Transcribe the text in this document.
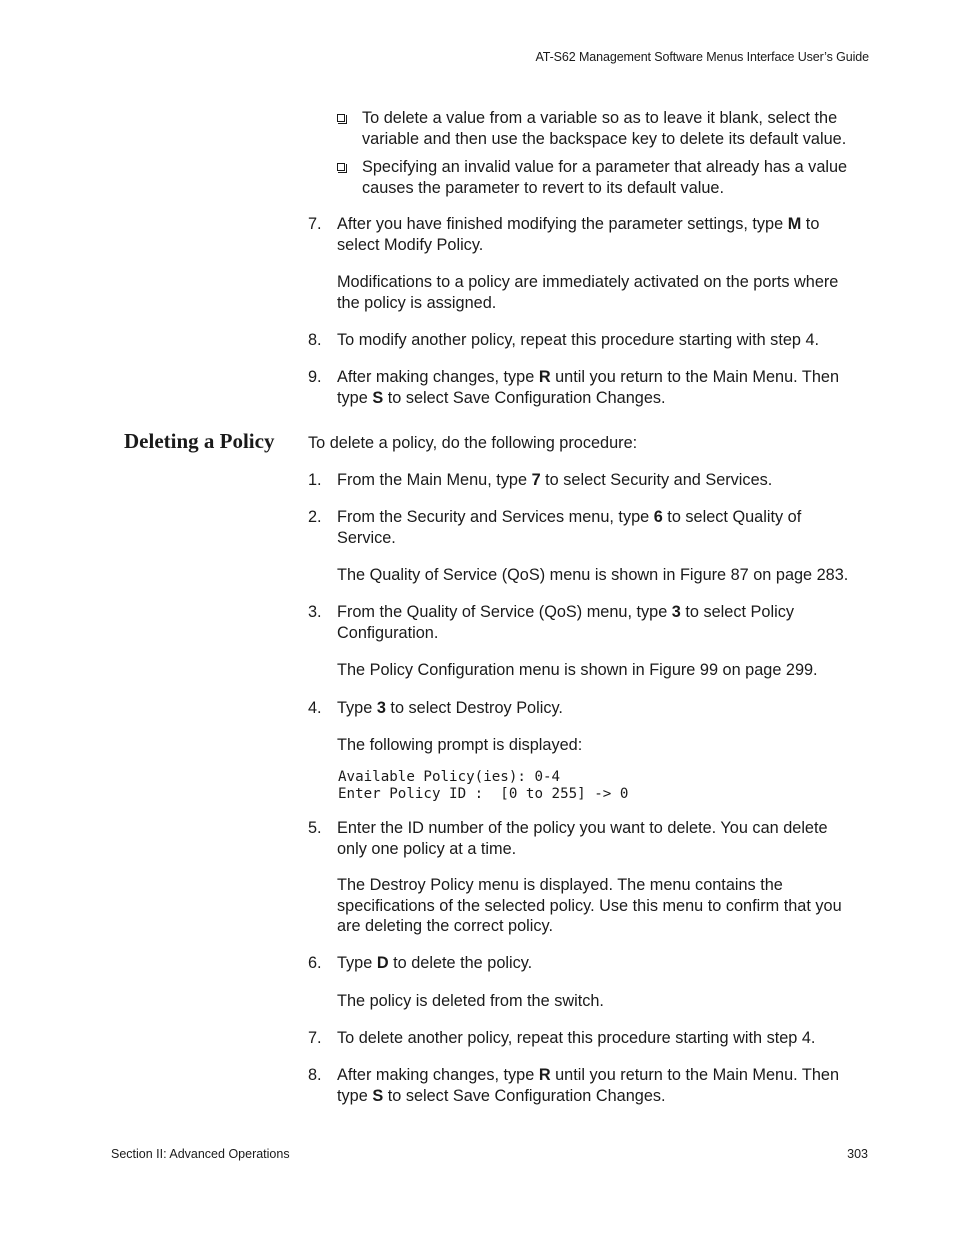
AT-S62 Management Software Menus Interface User’s Guide
To delete a value from a variable so as to leave it blank, select the
variable and then use the backspace key to delete its default value.
Specifying an invalid value for a parameter that already has a value
causes the parameter to revert to its default value.
7. After you have finished modifying the parameter settings, type M to
select Modify Policy.
Modifications to a policy are immediately activated on the ports where
the policy is assigned.
8. To modify another policy, repeat this procedure starting with step 4.
9. After making changes, type R until you return to the Main Menu. Then
type S to select Save Configuration Changes.
Deleting a Policy To delete a policy, do the following procedure:
1. From the Main Menu, type 7 to select Security and Services.
2. From the Security and Services menu, type 6 to select Quality of
Service.
The Quality of Service (QoS) menu is shown in Figure 87 on page 283.
3. From the Quality of Service (QoS) menu, type 3 to select Policy
Configuration.
The Policy Configuration menu is shown in Figure 99 on page 299.
4. Type 3 to select Destroy Policy.
The following prompt is displayed:
Available Policy(ies): 0-4
Enter Policy ID :  [0 to 255] -> 0
5. Enter the ID number of the policy you want to delete. You can delete
only one policy at a time.
The Destroy Policy menu is displayed. The menu contains the
specifications of the selected policy. Use this menu to confirm that you
are deleting the correct policy.
6. Type D to delete the policy.
The policy is deleted from the switch.
7. To delete another policy, repeat this procedure starting with step 4.
8. After making changes, type R until you return to the Main Menu. Then
type S to select Save Configuration Changes.
Section II: Advanced Operations	303
